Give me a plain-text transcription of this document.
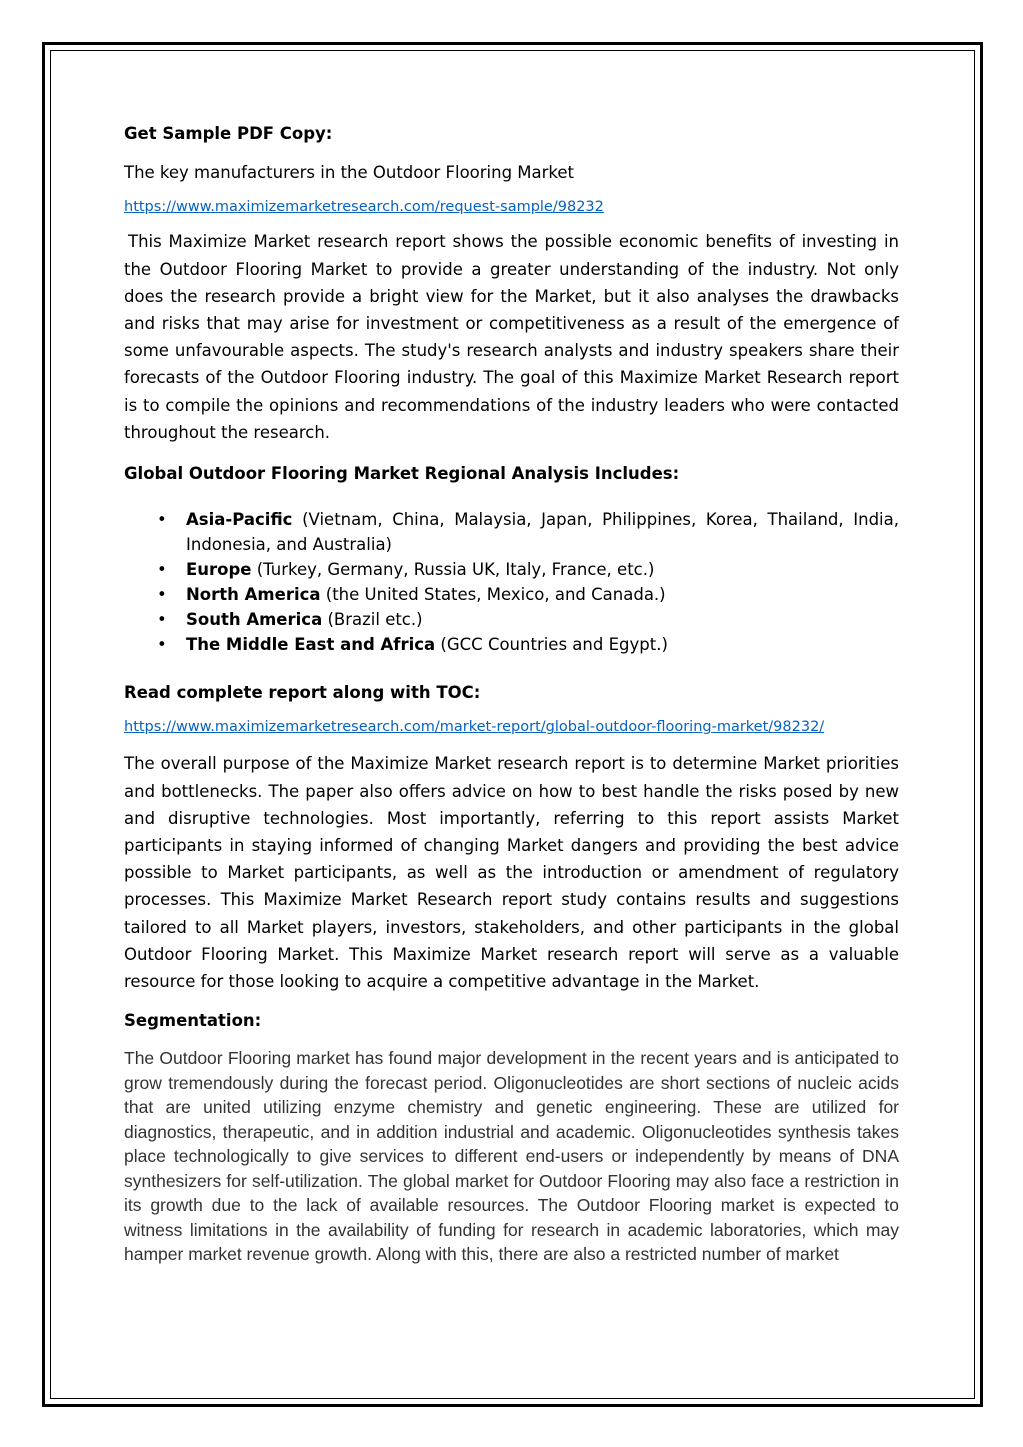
Get Sample PDF Copy:

The key manufacturers in the Outdoor Flooring Market

https://www.maximizemarketresearch.com/request-sample/98232

This Maximize Market research report shows the possible economic benefits of investing in the Outdoor Flooring Market to provide a greater understanding of the industry. Not only does the research provide a bright view for the Market, but it also analyses the drawbacks and risks that may arise for investment or competitiveness as a result of the emergence of some unfavourable aspects. The study's research analysts and industry speakers share their forecasts of the Outdoor Flooring industry. The goal of this Maximize Market Research report is to compile the opinions and recommendations of the industry leaders who were contacted throughout the research.

Global Outdoor Flooring Market Regional Analysis Includes:

• Asia-Pacific (Vietnam, China, Malaysia, Japan, Philippines, Korea, Thailand, India, Indonesia, and Australia)
• Europe (Turkey, Germany, Russia UK, Italy, France, etc.)
• North America (the United States, Mexico, and Canada.)
• South America (Brazil etc.)
• The Middle East and Africa (GCC Countries and Egypt.)

Read complete report along with TOC:

https://www.maximizemarketresearch.com/market-report/global-outdoor-flooring-market/98232/

The overall purpose of the Maximize Market research report is to determine Market priorities and bottlenecks. The paper also offers advice on how to best handle the risks posed by new and disruptive technologies. Most importantly, referring to this report assists Market participants in staying informed of changing Market dangers and providing the best advice possible to Market participants, as well as the introduction or amendment of regulatory processes. This Maximize Market Research report study contains results and suggestions tailored to all Market players, investors, stakeholders, and other participants in the global Outdoor Flooring Market. This Maximize Market research report will serve as a valuable resource for those looking to acquire a competitive advantage in the Market.

Segmentation:

The Outdoor Flooring market has found major development in the recent years and is anticipated to grow tremendously during the forecast period. Oligonucleotides are short sections of nucleic acids that are united utilizing enzyme chemistry and genetic engineering. These are utilized for diagnostics, therapeutic, and in addition industrial and academic. Oligonucleotides synthesis takes place technologically to give services to different end-users or independently by means of DNA synthesizers for self-utilization. The global market for Outdoor Flooring may also face a restriction in its growth due to the lack of available resources. The Outdoor Flooring market is expected to witness limitations in the availability of funding for research in academic laboratories, which may hamper market revenue growth. Along with this, there are also a restricted number of market
